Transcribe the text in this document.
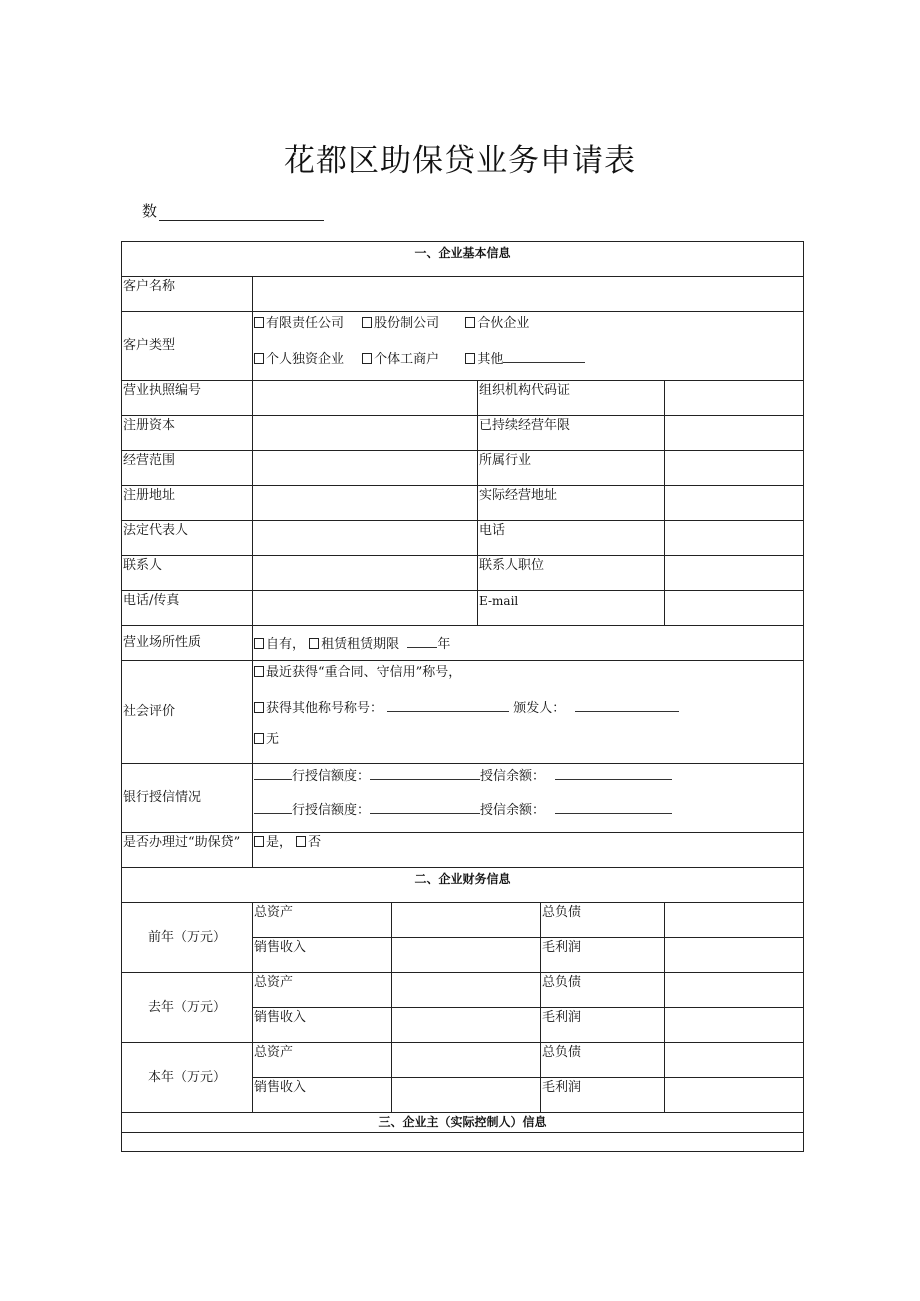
花都区助保贷业务申请表
数
一、企业基本信息					
客户名称					
客户类型	有限责任公司 股份制公司 合伙企业
个人独资企业 个体工商户 其他				

营业执照编号			组织机构代码证		
注册资本			已持续经营年限		
经营范围			所属行业		
注册地址			实际经营地址		
法定代表人			电话		
联系人			联系人职位		
电话/传真			E-mail		
营业场所性质	自有， 租赁租赁期限 年				
社会评价	最近获得“重合同、守信用”称号，
获得其他称号称号： 颁发人：
无				

银行授信情况	行授信额度： 授信余额：
行授信额度： 授信余额：				

是否办理过“助保贷”	是， 否				
二、企业财务信息					
前年（万元）	总资产			总负债	
	销售收入			毛利润	
去年（万元）	总资产			总负债	
	销售收入			毛利润	
本年（万元）	总资产			总负债	
	销售收入			毛利润	
三、企业主（实际控制人）信息					
